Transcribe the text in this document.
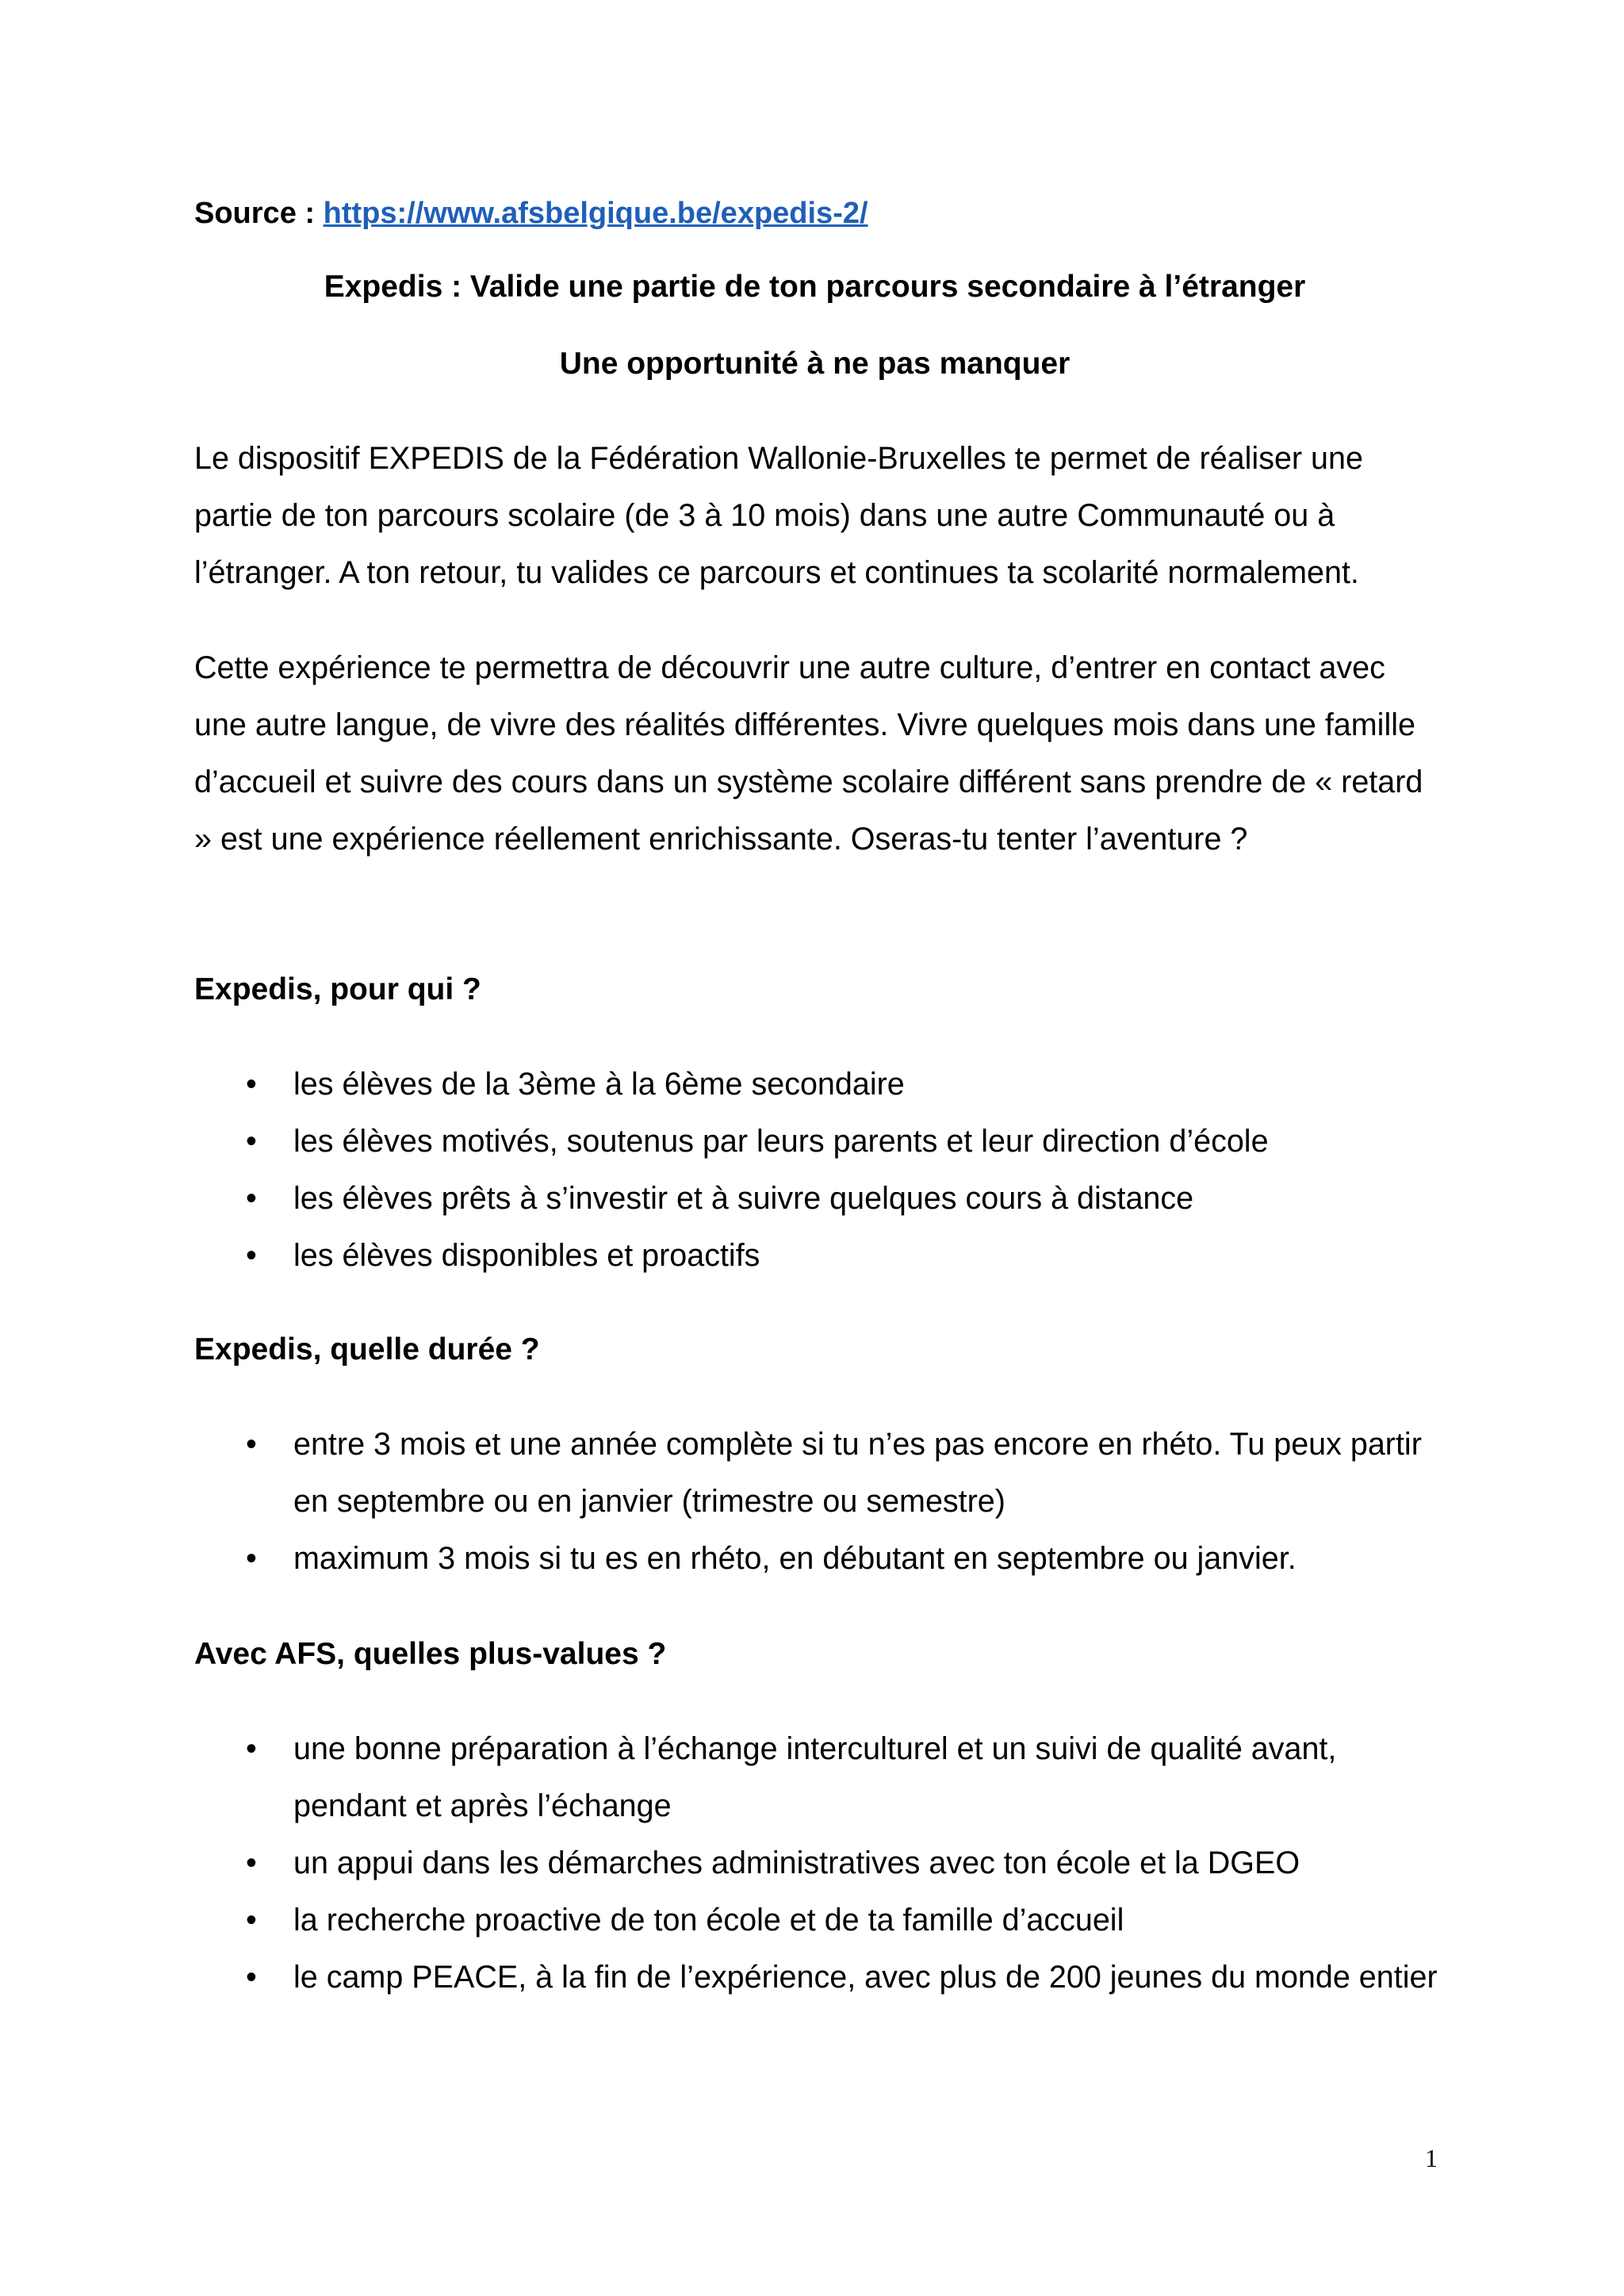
Source : https://www.afsbelgique.be/expedis-2/

Expedis : Valide une partie de ton parcours secondaire à l’étranger

Une opportunité à ne pas manquer

Le dispositif EXPEDIS de la Fédération Wallonie-Bruxelles te permet de réaliser une partie de ton parcours scolaire (de 3 à 10 mois) dans une autre Communauté ou à l’étranger. A ton retour, tu valides ce parcours et continues ta scolarité normalement.

Cette expérience te permettra de découvrir une autre culture, d’entrer en contact avec une autre langue, de vivre des réalités différentes. Vivre quelques mois dans une famille d’accueil et suivre des cours dans un système scolaire différent sans prendre de « retard » est une expérience réellement enrichissante. Oseras-tu tenter l’aventure ?

Expedis, pour qui ?

• les élèves de la 3ème à la 6ème secondaire
• les élèves motivés, soutenus par leurs parents et leur direction d’école
• les élèves prêts à s’investir et à suivre quelques cours à distance
• les élèves disponibles et proactifs

Expedis, quelle durée ?

• entre 3 mois et une année complète si tu n’es pas encore en rhéto. Tu peux partir en septembre ou en janvier (trimestre ou semestre)
• maximum 3 mois si tu es en rhéto, en débutant en septembre ou janvier.

Avec AFS, quelles plus-values ?

• une bonne préparation à l’échange interculturel et un suivi de qualité avant, pendant et après l’échange
• un appui dans les démarches administratives avec ton école et la DGEO
• la recherche proactive de ton école et de ta famille d’accueil
• le camp PEACE, à la fin de l’expérience, avec plus de 200 jeunes du monde entier
1
